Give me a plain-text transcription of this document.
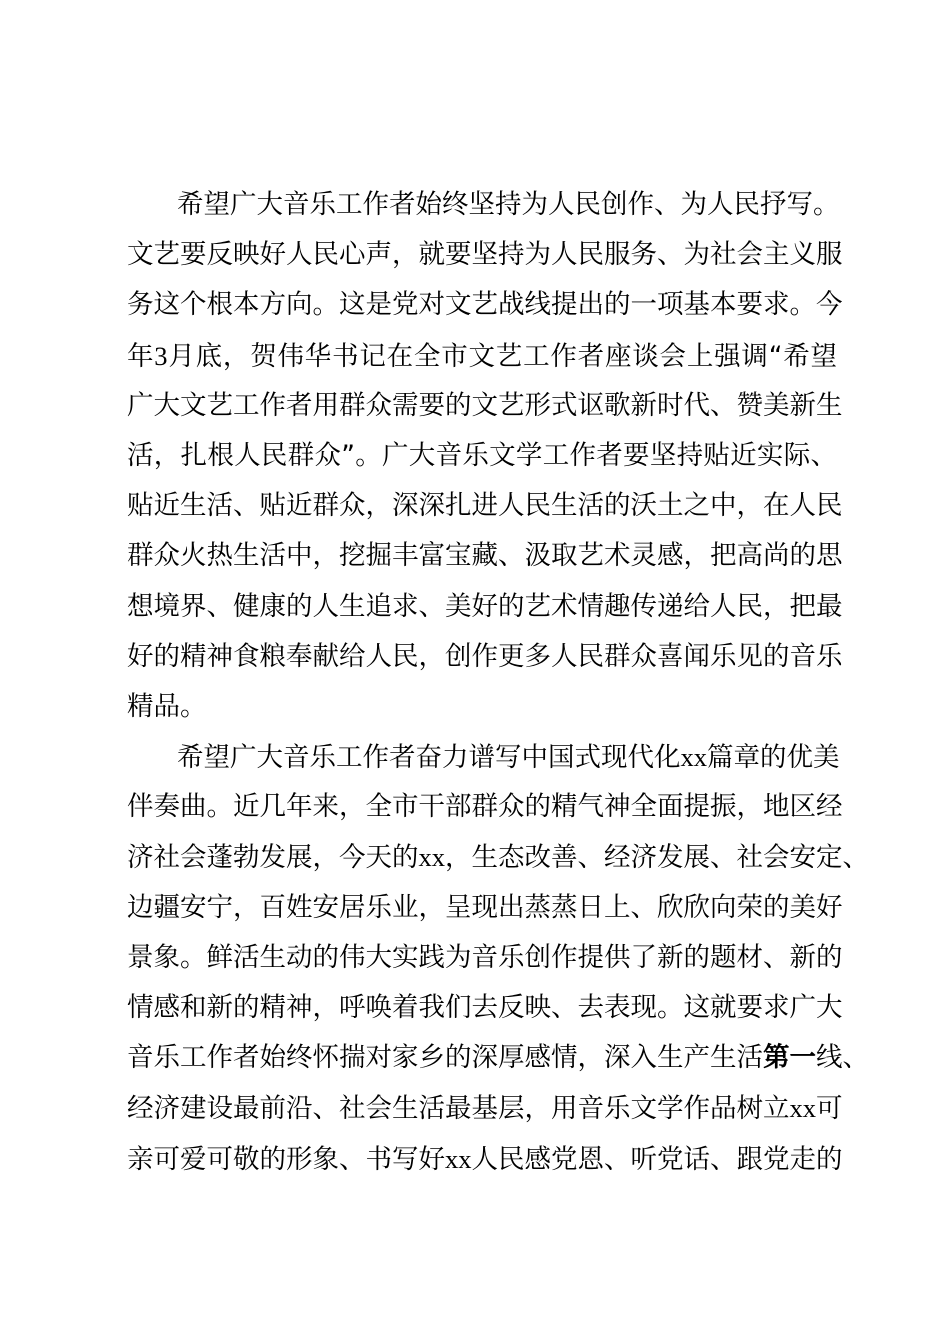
希望广大音乐工作者始终坚持为人民创作、为人民抒写。
文艺要反映好人民心声，就要坚持为人民服务、为社会主义服
务这个根本方向。这是党对文艺战线提出的一项基本要求。今
年3月底，贺伟华书记在全市文艺工作者座谈会上强调“希望
广大文艺工作者用群众需要的文艺形式讴歌新时代、赞美新生
活，扎根人民群众”。广大音乐文学工作者要坚持贴近实际、
贴近生活、贴近群众，深深扎进人民生活的沃土之中，在人民
群众火热生活中，挖掘丰富宝藏、汲取艺术灵感，把高尚的思
想境界、健康的人生追求、美好的艺术情趣传递给人民，把最
好的精神食粮奉献给人民，创作更多人民群众喜闻乐见的音乐
精品。
希望广大音乐工作者奋力谱写中国式现代化xx篇章的优美
伴奏曲。近几年来，全市干部群众的精气神全面提振，地区经
济社会蓬勃发展，今天的xx，生态改善、经济发展、社会安定、
边疆安宁，百姓安居乐业，呈现出蒸蒸日上、欣欣向荣的美好
景象。鲜活生动的伟大实践为音乐创作提供了新的题材、新的
情感和新的精神，呼唤着我们去反映、去表现。这就要求广大
音乐工作者始终怀揣对家乡的深厚感情，深入生产生活第一线、
经济建设最前沿、社会生活最基层，用音乐文学作品树立xx可
亲可爱可敬的形象、书写好xx人民感党恩、听党话、跟党走的
